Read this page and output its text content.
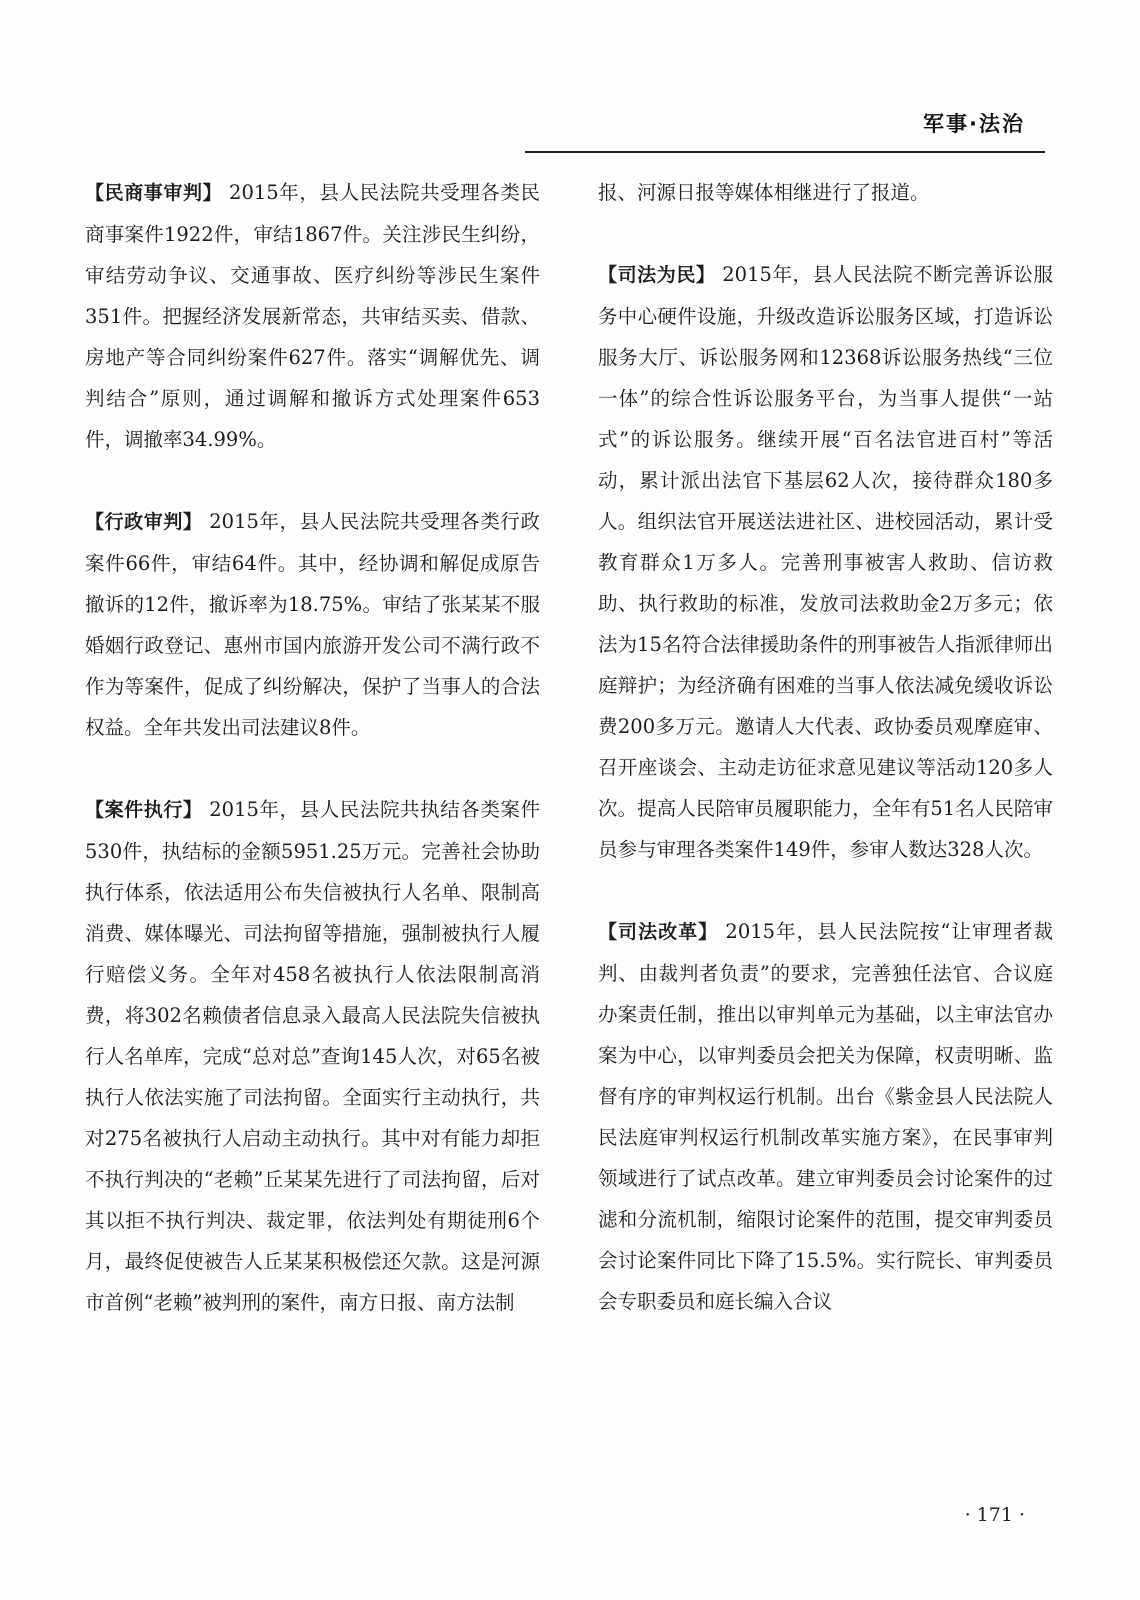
军事·法治

【民商事审判】 2015年，县人民法院共受理各类民商事案件1922件，审结1867件。关注涉民生纠纷，审结劳动争议、交通事故、医疗纠纷等涉民生案件351件。把握经济发展新常态，共审结买卖、借款、房地产等合同纠纷案件627件。落实“调解优先、调判结合”原则，通过调解和撤诉方式处理案件653件，调撤率34.99%。

【行政审判】 2015年，县人民法院共受理各类行政案件66件，审结64件。其中，经协调和解促成原告撤诉的12件，撤诉率为18.75%。审结了张某某不服婚姻行政登记、惠州市国内旅游开发公司不满行政不作为等案件，促成了纠纷解决，保护了当事人的合法权益。全年共发出司法建议8件。

【案件执行】 2015年，县人民法院共执结各类案件530件，执结标的金额5951.25万元。完善社会协助执行体系，依法适用公布失信被执行人名单、限制高消费、媒体曝光、司法拘留等措施，强制被执行人履行赔偿义务。全年对458名被执行人依法限制高消费，将302名赖债者信息录入最高人民法院失信被执行人名单库，完成“总对总”查询145人次，对65名被执行人依法实施了司法拘留。全面实行主动执行，共对275名被执行人启动主动执行。其中对有能力却拒不执行判决的“老赖”丘某某先进行了司法拘留，后对其以拒不执行判决、裁定罪，依法判处有期徒刑6个月，最终促使被告人丘某某积极偿还欠款。这是河源市首例“老赖”被判刑的案件，南方日报、南方法制

报、河源日报等媒体相继进行了报道。

【司法为民】 2015年，县人民法院不断完善诉讼服务中心硬件设施，升级改造诉讼服务区域，打造诉讼服务大厅、诉讼服务网和12368诉讼服务热线“三位一体”的综合性诉讼服务平台，为当事人提供“一站式”的诉讼服务。继续开展“百名法官进百村”等活动，累计派出法官下基层62人次，接待群众180多人。组织法官开展送法进社区、进校园活动，累计受教育群众1万多人。完善刑事被害人救助、信访救助、执行救助的标准，发放司法救助金2万多元；依法为15名符合法律援助条件的刑事被告人指派律师出庭辩护；为经济确有困难的当事人依法减免缓收诉讼费200多万元。邀请人大代表、政协委员观摩庭审、召开座谈会、主动走访征求意见建议等活动120多人次。提高人民陪审员履职能力，全年有51名人民陪审员参与审理各类案件149件，参审人数达328人次。

【司法改革】 2015年，县人民法院按“让审理者裁判、由裁判者负责”的要求，完善独任法官、合议庭办案责任制，推出以审判单元为基础，以主审法官办案为中心，以审判委员会把关为保障，权责明晰、监督有序的审判权运行机制。出台《紫金县人民法院人民法庭审判权运行机制改革实施方案》，在民事审判领域进行了试点改革。建立审判委员会讨论案件的过滤和分流机制，缩限讨论案件的范围，提交审判委员会讨论案件同比下降了15.5%。实行院长、审判委员会专职委员和庭长编入合议

· 171 ·
